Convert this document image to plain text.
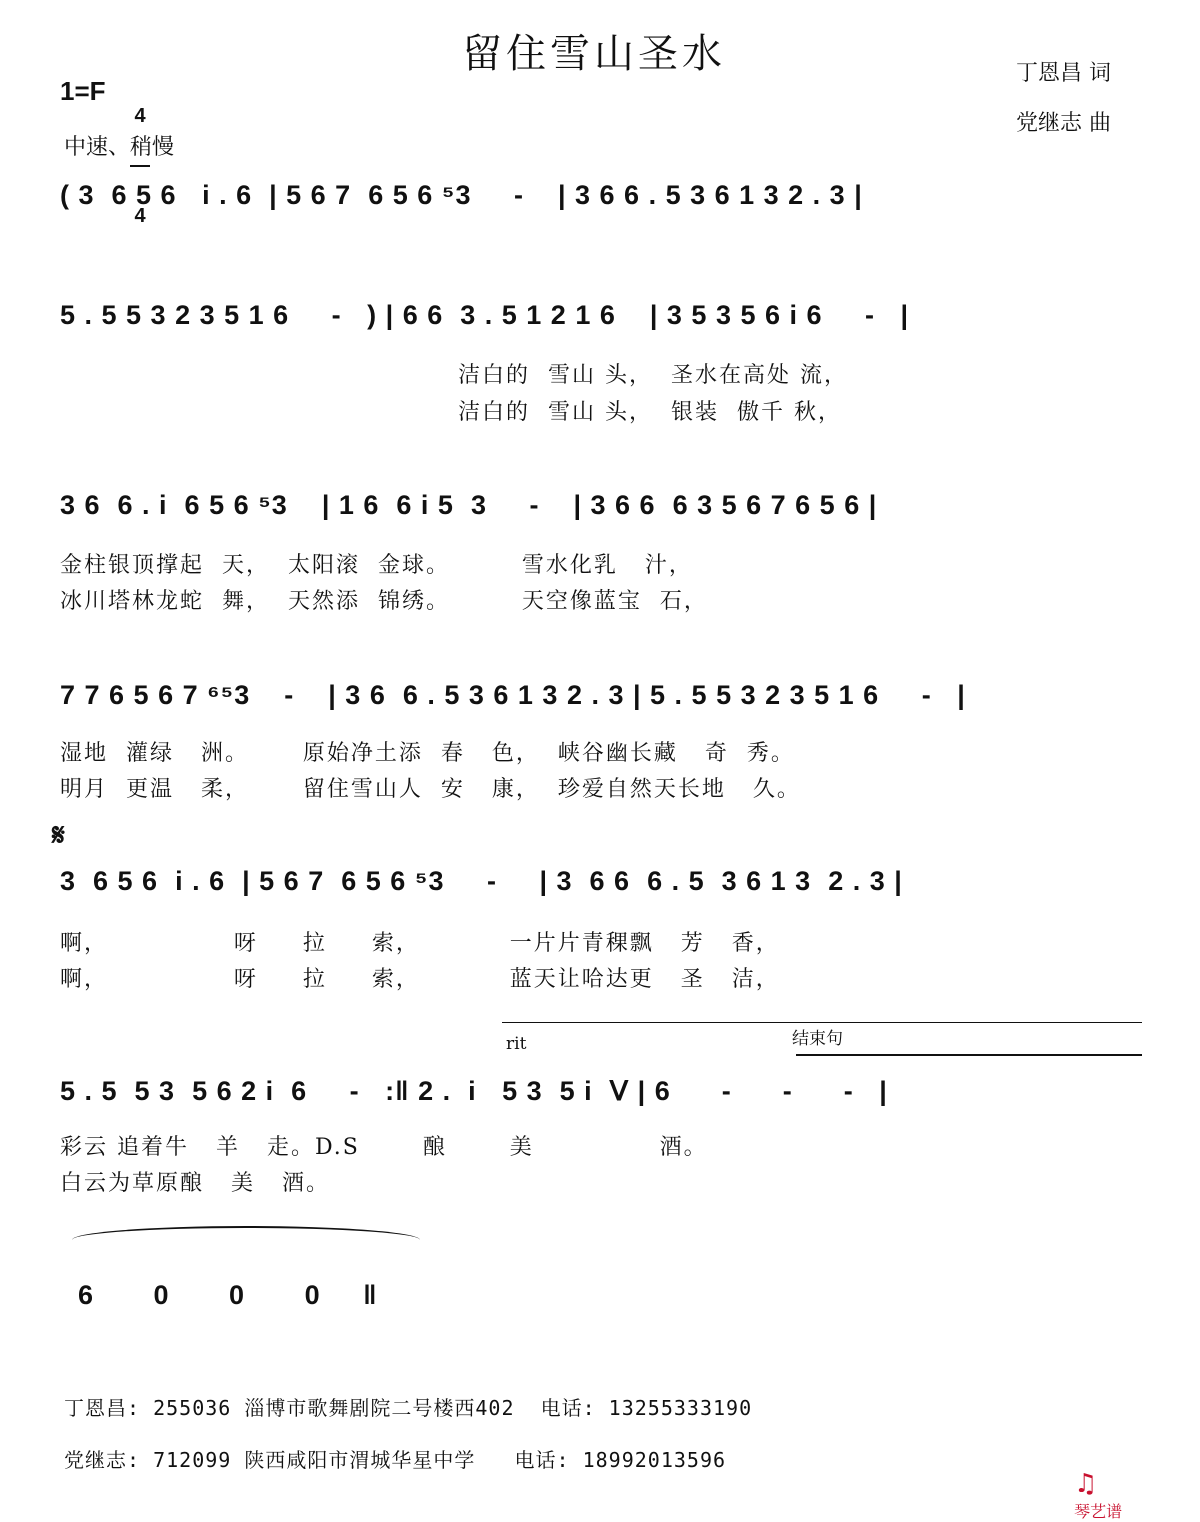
留住雪山圣水	丁恩昌 词
党继志 曲
1=F

4

4

中速、稍慢
( 3  6 5 6   i . 6  | 5 6 7  6 5 6 ⁵3     -    | 3 6 6 . 5 3 6 1 3 2 . 3 |
5 . 5 5 3 2 3 5 1 6     -   ) | 6 6  3 . 5 1 2 1 6    | 3 5 3 5 6 i 6     -   |
洁白的  雪山 头，  圣水在高处 流，
洁白的  雪山 头，  银装  傲千 秋，
3 6  6 . i  6 5 6 ⁵3    | 1 6  6 i 5  3     -    | 3 6 6  6 3 5 6 7 6 5 6 |
金柱银顶撑起  天，  太阳滚  金球。        雪水化乳   汁，
冰川塔林龙蛇  舞，  天然添  锦绣。        天空像蓝宝  石，
7 7 6 5 6 7 ⁶⁵3    -    | 3 6  6 . 5 3 6 1 3 2 . 3 | 5 . 5 5 3 2 3 5 1 6     -   |
湿地  灌绿   洲。      原始净土添  春   色，  峡谷幽长藏   奇  秀。
明月  更温   柔，      留住雪山人  安   康，  珍爱自然天长地   久。
𝄋
3  6 5 6  i . 6  | 5 6 7  6 5 6 ⁵3     -     | 3  6 6  6 . 5  3 6 1 3  2 . 3 |
啊，              呀     拉     索，          一片片青稞飘   芳   香，
啊，              呀     拉     索，          蓝天让哈达更   圣   洁，
rit	结束句
5 . 5  5 3  5 6 2 i  6     -   :‖ 2 .  i   5 3  5 i  ᐯ | 6      -      -      -   |
彩云 追着牛   羊   走。D.S       酿       美              酒。
白云为草原酿   美   酒。
6       0       0       0     ‖
丁恩昌: 255036 淄博市歌舞剧院二号楼西402  电话: 13255333190
党继志: 712099 陕西咸阳市渭城华星中学   电话: 18992013596

♫
琴艺谱
